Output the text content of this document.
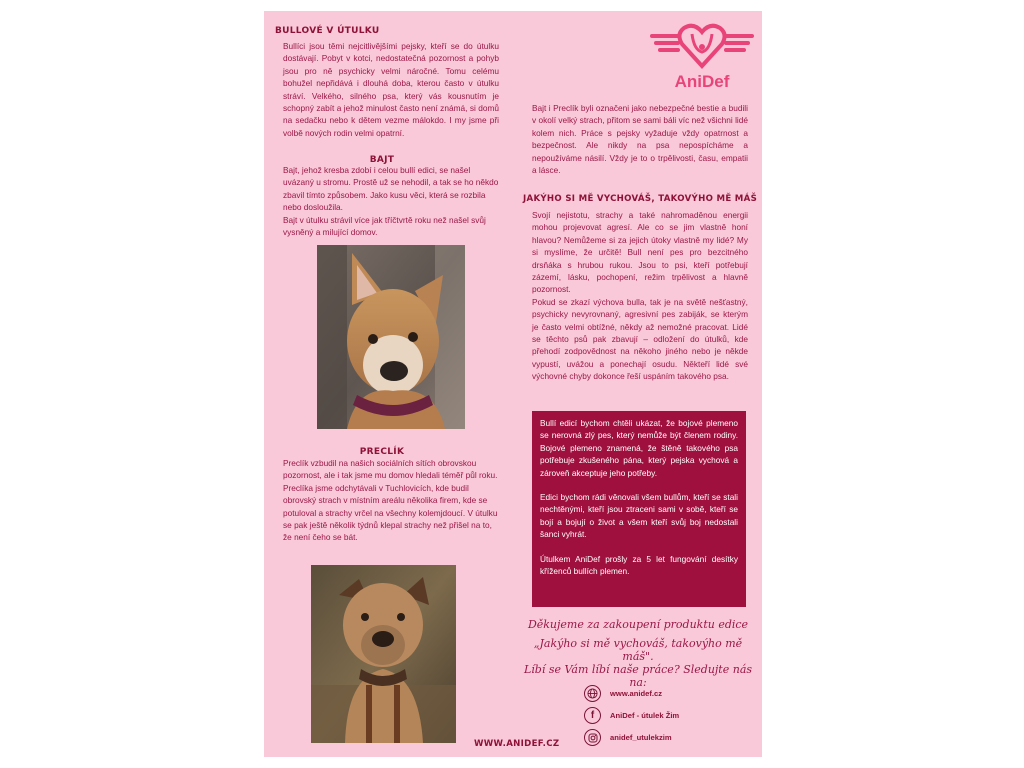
BULLOVÉ V ÚTULKU

Bullíci jsou těmi nejcitlivějšími pejsky, kteří se do útulku dostávají. Pobyt v kotci, nedostatečná pozornost a pohyb jsou pro ně psychicky velmi náročné. Tomu celému bohužel nepřidává i dlouhá doba, kterou často v útulku stráví. Velkého, silného psa, který vás kousnutím je schopný zabít a jehož minulost často není známá, si domů na sedačku nebo k dětem vezme málokdo. I my jsme při volbě nových rodin velmi opatrní.

BAJT

Bajt, jehož kresba zdobí i celou bullí edici, se našel uvázaný u stromu. Prostě už se nehodil, a tak se ho někdo zbavil tímto způsobem. Jako kusu věci, která se rozbila nebo dosloužila.

Bajt v útulku strávil více jak tříčtvrtě roku než našel svůj vysněný a milující domov.

PRECLÍK

Preclík vzbudil na našich sociálních sítích obrovskou pozornost, ale i tak jsme mu domov hledali téměř půl roku.

Preclíka jsme odchytávali v Tuchlovicích, kde budil obrovský strach v místním areálu několika firem, kde se potuloval a strachy vrčel na všechny kolemjdoucí. V útulku se pak ještě několik týdnů klepal strachy než přišel na to, že není čeho se bát.

WWW.ANIDEF.CZ
AniDef

Bajt i Preclík byli označeni jako nebezpečné bestie a budili v okolí velký strach, přitom se sami báli víc než všichni lidé kolem nich. Práce s pejsky vyžaduje vždy opatrnost a bezpečnost. Ale nikdy na psa nepospícháme a nepoužíváme násilí. Vždy je to o trpělivosti, času, empatii a lásce.

JAKÝHO SI MĚ VYCHOVÁŠ, TAKOVÝHO MĚ MÁŠ

Svojí nejistotu, strachy a také nahromaděnou energii mohou projevovat agresí. Ale co se jim vlastně honí hlavou? Nemůžeme si za jejich útoky vlastně my lidé? My si myslíme, že určitě! Bull není pes pro bezcitného drsňáka s hrubou rukou. Jsou to psi, kteří potřebují zázemí, lásku, pochopení, režim trpělivost a hlavně pozornost.

Pokud se zkazí výchova bulla, tak je na světě nešťastný, psychicky nevyrovnaný, agresivní pes zabiják, se kterým je často velmi obtížné, někdy až nemožné pracovat. Lidé se těchto psů pak zbavují – odložení do útulků, kde přehodí zodpovědnost na někoho jiného nebo je někde vypustí, uvážou a ponechají osudu. Někteří lidé své výchovné chyby dokonce řeší uspáním takového psa.

Bullí edicí bychom chtěli ukázat, že bojové plemeno se nerovná zlý pes, který nemůže být členem rodiny. Bojové plemeno znamená, že štěně takového psa potřebuje zkušeného pána, který pejska vychová a zároveň akceptuje jeho potřeby.

Edici bychom rádi věnovali všem bullům, kteří se stali nechtěnými, kteří jsou ztraceni sami v sobě, kteří se bojí a bojují o život a všem kteří svůj boj nedostali šanci vyhrát.

Útulkem AniDef prošly za 5 let fungování desítky kříženců bullích plemen.

Děkujeme za zakoupení produktu edice
„Jakýho si mě vychováš, takovýho mě máš".
Líbí se Vám líbí naše práce? Sledujte nás na:
www.anidef.cz
f AniDef - útulek Žim
anidef_utulekzim
